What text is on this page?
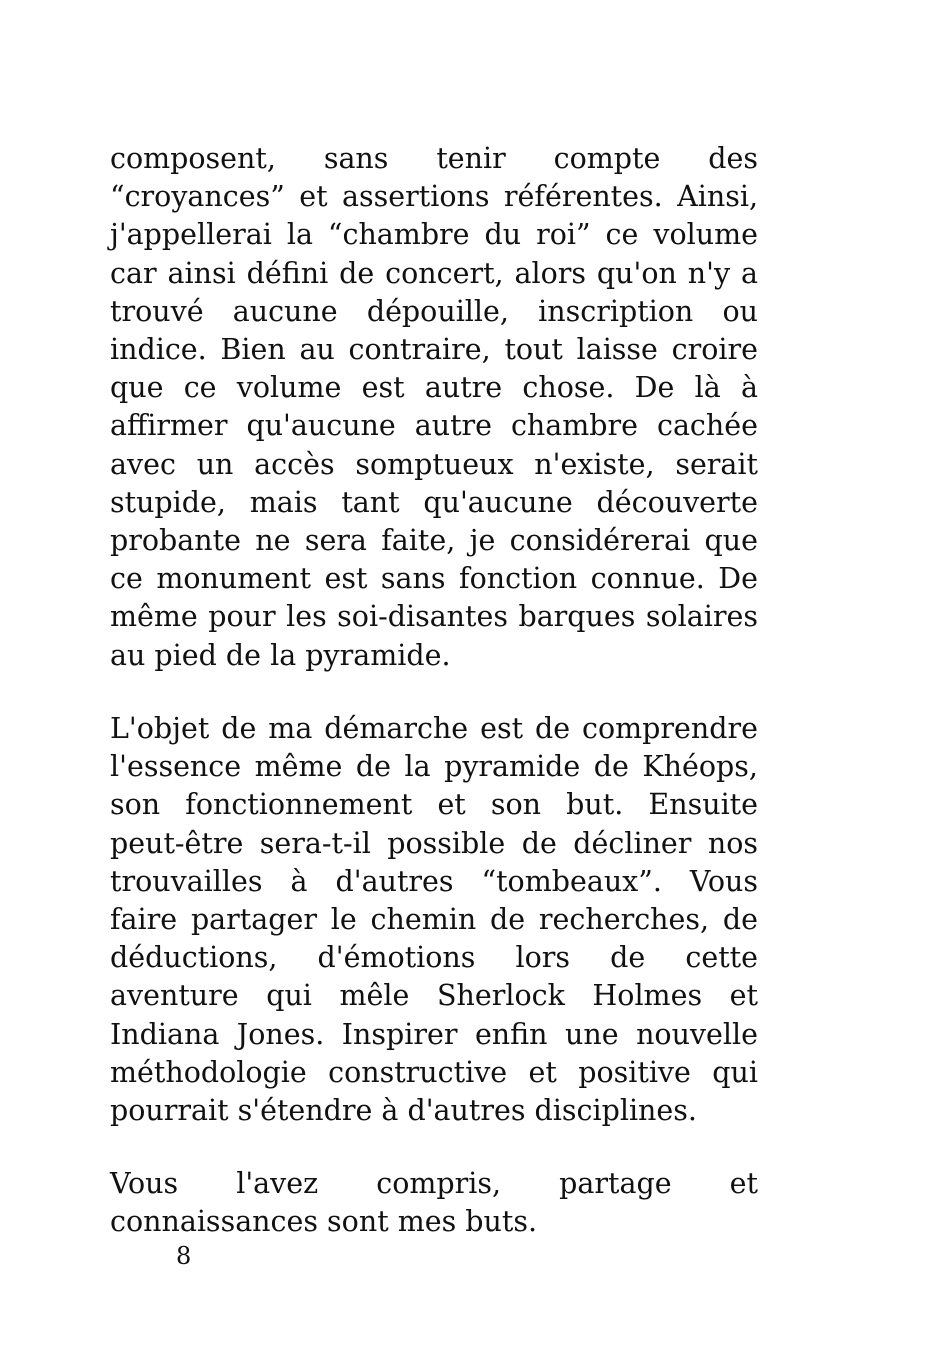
composent, sans tenir compte des
“croyances” et assertions référentes. Ainsi,
j'appellerai la “chambre du roi” ce volume
car ainsi défini de concert, alors qu'on n'y a
trouvé aucune dépouille, inscription ou
indice. Bien au contraire, tout laisse croire
que ce volume est autre chose. De là à
affirmer qu'aucune autre chambre cachée
avec un accès somptueux n'existe, serait
stupide, mais tant qu'aucune découverte
probante ne sera faite, je considérerai que
ce monument est sans fonction connue. De
même pour les soi-disantes barques solaires
au pied de la pyramide.
L'objet de ma démarche est de comprendre
l'essence même de la pyramide de Khéops,
son fonctionnement et son but. Ensuite
peut-être sera-t-il possible de décliner nos
trouvailles à d'autres “tombeaux”. Vous
faire partager le chemin de recherches, de
déductions, d'émotions lors de cette
aventure qui mêle Sherlock Holmes et
Indiana Jones. Inspirer enfin une nouvelle
méthodologie constructive et positive qui
pourrait s'étendre à d'autres disciplines.
Vous l'avez compris, partage et
connaissances sont mes buts.
8
